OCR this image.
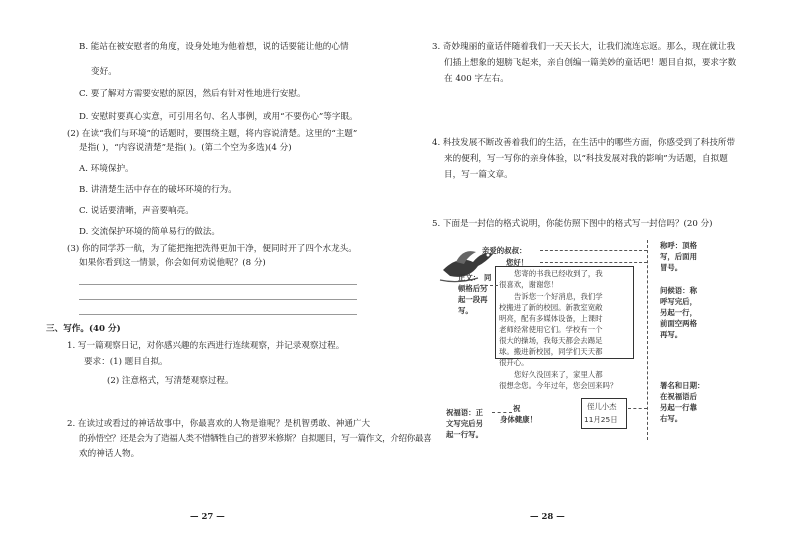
B. 能站在被安慰者的角度，设身处地为他着想，说的话要能让他的心情
变好。
C. 要了解对方需要安慰的原因，然后有针对性地进行安慰。
D. 安慰时要真心实意，可引用名句、名人事例，或用“不要伤心”等字眼。
(2) 在读“我们与环境”的话题时，要围绕主题，将内容说清楚。这里的“主题”
是指( )，“内容说清楚”是指( )。(第二个空为多选)(4 分)
A. 环境保护。
B. 讲清楚生活中存在的破坏环境的行为。
C. 说话要清晰，声音要响亮。
D. 交流保护环境的简单易行的做法。
(3) 你的同学苏一航，为了能把拖把洗得更加干净，便同时开了四个水龙头。
如果你看到这一情景，你会如何劝说他呢？(8 分)
三、写作。(40 分)
1. 写一篇观察日记，对你感兴趣的东西进行连续观察，并记录观察过程。
要求：(1) 题目自拟。
(2) 注意格式，写清楚观察过程。
2. 在读过或看过的神话故事中，你最喜欢的人物是谁呢？是机智勇敢、神通广大
的孙悟空？还是会为了造福人类不惜牺牲自己的普罗米修斯？自拟题目，写一篇作文，介绍你最喜
欢的神话人物。
— 27 —
3. 奇妙瑰丽的童话伴随着我们一天天长大，让我们流连忘返。那么，现在就让我
们插上想象的翅膀飞起来，亲自创编一篇美妙的童话吧！题目自拟，要求字数
在 400 字左右。
4. 科技发展不断改善着我们的生活，在生活中的哪些方面，你感受到了科技所带
来的便利，写一写你的亲身体验，以“科技发展对我的影响”为话题，自拟题
目，写一篇文章。
5. 下面是一封信的格式说明，你能仿照下图中的格式写一封信吗？(20 分)
亲爱的叔叔：
您好！
您寄的书我已经收到了，我
很喜欢，谢谢您！
告诉您一个好消息，我们学
校搬进了新的校园。新教室宽敞
明亮，配有多媒体设备，上课时
老师经常使用它们。学校有一个
很大的操场，我每天都会去踢足
球。搬进新校园，同学们天天都
很开心。
您好久没回来了，家里人都
很想念您。今年过年，您会回来吗？
祝
身体健康！
侄儿小杰
11月25日
正文： 同
顿格后另
起一段再
写。
祝福语：正
文写完后另
起一行写。
称呼：顶格
写，后面用
冒号。
问候语：称
呼写完后，
另起一行，
前面空两格
再写。
署名和日期：
在祝福语后
另起一行靠
右写。
— 28 —
